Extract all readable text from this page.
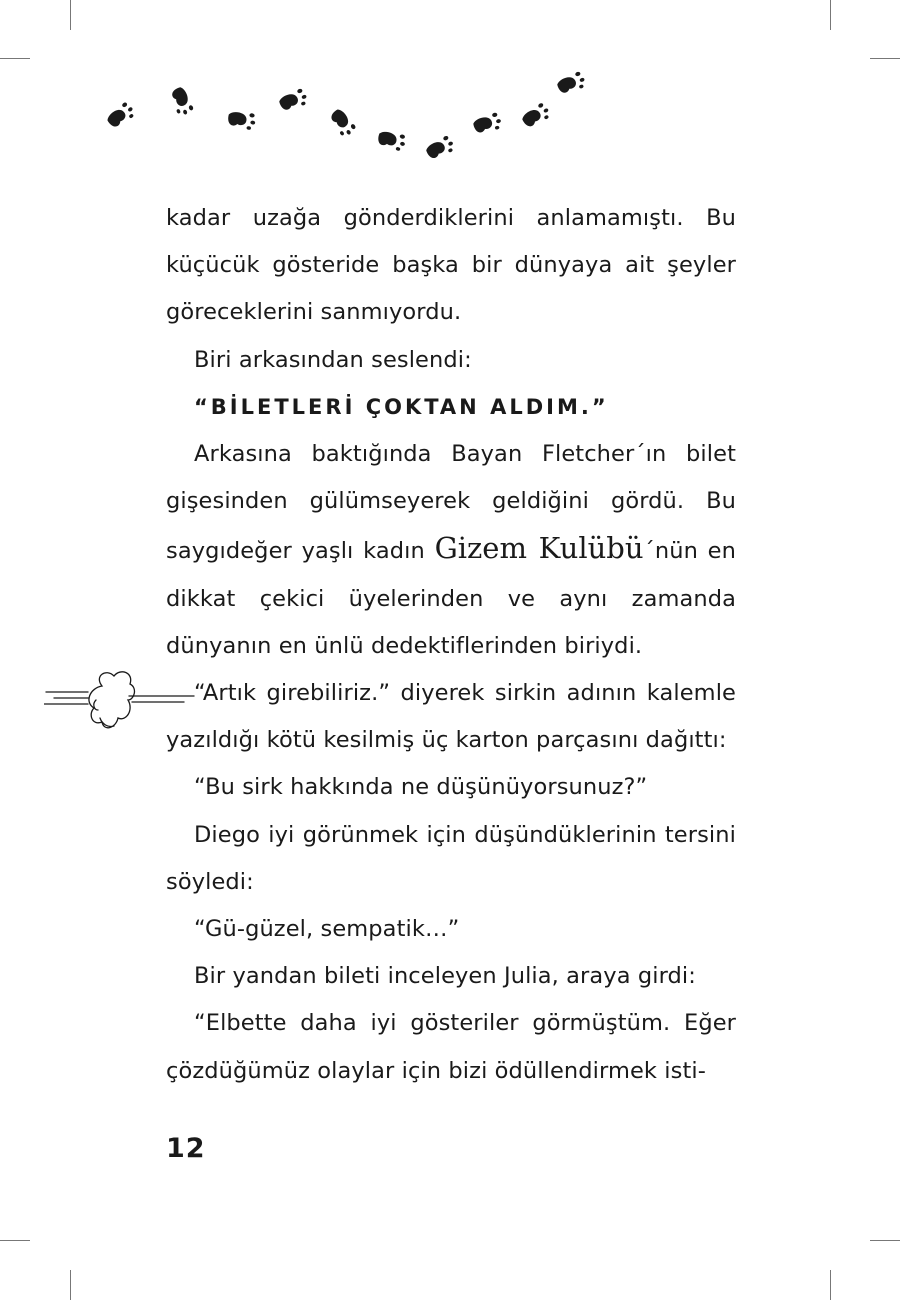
kadar uzağa gönderdiklerini anlamamıştı. Bu küçücük gösteride başka bir dünyaya ait şeyler göreceklerini sanmıyordu.

Biri arkasından seslendi:

“BİLETLERİ ÇOKTAN ALDIM.”

Arkasına baktığında Bayan Fletcher´ın bilet gişesinden gülümseyerek geldiğini gördü. Bu saygıdeğer yaşlı kadın Gizem Kulübü´nün en dikkat çekici üyelerinden ve aynı zamanda dünyanın en ünlü dedektiflerinden biriydi.

“Artık girebiliriz.” diyerek sirkin adının kalemle yazıldığı kötü kesilmiş üç karton parçasını dağıttı:

“Bu sirk hakkında ne düşünüyorsunuz?”

Diego iyi görünmek için düşündüklerinin tersini söyledi:

“Gü-güzel, sempatik…”

Bir yandan bileti inceleyen Julia, araya girdi:

“Elbette daha iyi gösteriler görmüştüm. Eğer çözdüğümüz olaylar için bizi ödüllendirmek isti-

12
